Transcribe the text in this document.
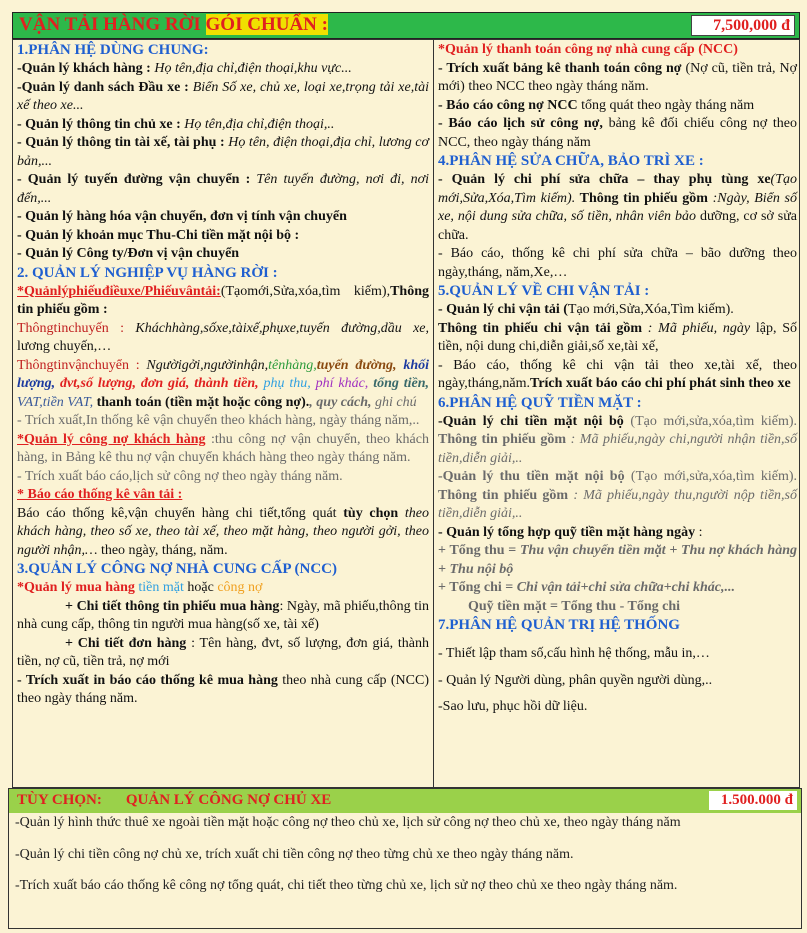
VẬN TẢI HÀNG RỜI GÓI CHUẨN :	7,500,000 đ
1.PHÂN HỆ DÙNG CHUNG:
-Quản lý khách hàng : Họ tên,địa chỉ,điện thoại,khu vực...
-Quản lý danh sách Đầu xe : Biển Số xe, chủ xe, loại xe,trọng tải xe,tài xế theo xe...
- Quản lý thông tin chủ xe : Họ tên,địa chỉ,điện thoại,..
- Quản lý thông tin tài xế, tài phụ : Họ tên, điện thoại,địa chỉ, lương cơ bản,...
- Quản lý tuyến đường vận chuyển : Tên tuyến đường, nơi đi, nơi đến,...
- Quản lý hàng hóa vận chuyển, đơn vị tính vận chuyển
- Quản lý khoản mục Thu-Chi tiền mặt nội bộ :
- Quản lý Công ty/Đơn vị vận chuyển
2. QUẢN LÝ NGHIỆP VỤ HÀNG RỜI :
*Quảnlýphiếuđiềuxe/Phiếuvântải:(Tạomới,Sửa,xóa,tìm kiếm),Thông tin phiếu gồm :
Thôngtinchuyến : Kháchhàng,sốxe,tàixế,phụxe,tuyến đường,dầu xe, lương chuyến,…
Thôngtinvậnchuyển : Ngườigởi,ngườinhận,tênhàng,tuyến đường, khối lượng, đvt,số lượng, đơn giá, thành tiền, phụ thu, phí khác, tổng tiền, VAT,tiền VAT, thanh toán (tiền mặt hoặc công nợ)., quy cách, ghi chú
- Trích xuất,In thống kê vận chuyển theo khách hàng, ngày tháng năm,..
*Quản lý công nợ khách hàng :thu công nợ vận chuyển, theo khách hàng, in Bảng kê thu nợ vận chuyển khách hàng theo ngày tháng năm.
- Trích xuất báo cáo,lịch sử công nợ theo ngày tháng năm.
* Báo cáo thống kê vân tải :
Báo cáo thống kê,vận chuyển hàng chi tiết,tổng quát tùy chọn theo khách hàng, theo số xe, theo tài xế, theo mặt hàng, theo người gởi, theo người nhận,… theo ngày, tháng, năm.
3.QUẢN LÝ CÔNG NỢ NHÀ CUNG CẤP (NCC)
*Quản lý mua hàng tiền mặt hoặc công nợ
+ Chi tiết thông tin phiếu mua hàng: Ngày, mã phiếu,thông tin nhà cung cấp, thông tin người mua hàng(số xe, tài xế)
+ Chi tiết đơn hàng : Tên hàng, đvt, số lượng, đơn giá, thành tiền, nợ cũ, tiền trả, nợ mới
- Trích xuất in báo cáo thống kê mua hàng theo nhà cung cấp (NCC) theo ngày tháng năm.
*Quản lý thanh toán công nợ nhà cung cấp (NCC)
- Trích xuất bảng kê thanh toán công nợ (Nợ cũ, tiền trả, Nợ mới) theo NCC theo ngày tháng năm.
- Báo cáo công nợ NCC tổng quát theo ngày tháng năm
- Báo cáo lịch sử công nợ, bảng kê đối chiếu công nợ theo NCC, theo ngày tháng năm
4.PHÂN HỆ SỬA CHỮA, BẢO TRÌ XE :
- Quản lý chi phí sửa chữa – thay phụ tùng xe(Tạo mới,Sửa,Xóa,Tìm kiếm). Thông tin phiếu gồm :Ngày, Biển số xe, nội dung sửa chữa, số tiền, nhân viên bảo dưỡng, cơ sở sửa chữa.
- Báo cáo, thống kê chi phí sửa chữa – bão dưỡng theo ngày,tháng, năm,Xe,…
5.QUẢN LÝ VỀ CHI VẬN TẢI :
- Quản lý chi vận tải (Tạo mới,Sửa,Xóa,Tìm kiếm).
Thông tin phiếu chi vận tải gồm : Mã phiếu, ngày lập, Số tiền, nội dung chi,diễn giải,số xe,tài xế,
- Báo cáo, thống kê chi vận tải theo xe,tài xế, theo ngày,tháng,năm.Trích xuất báo cáo chi phí phát sinh theo xe
6.PHÂN HỆ QUỸ TIỀN MẶT :
-Quản lý chi tiền mặt nội bộ (Tạo mới,sửa,xóa,tìm kiếm). Thông tin phiếu gồm : Mã phiếu,ngày chi,người nhận tiền,số tiền,diễn giải,..
-Quản lý thu tiền mặt nội bộ (Tạo mới,sửa,xóa,tìm kiếm). Thông tin phiếu gồm : Mã phiếu,ngày thu,người nộp tiền,số tiền,diễn giải,..
- Quản lý tổng hợp quỹ tiền mặt hàng ngày :
+ Tổng thu = Thu vận chuyển tiền mặt + Thu nợ khách hàng + Thu nội bộ
+ Tổng chi = Chi vận tải+chi sửa chữa+chi khác,...
Quỹ tiền mặt = Tổng thu - Tổng chi
7.PHÂN HỆ QUẢN TRỊ HỆ THỐNG
- Thiết lập tham số,cấu hình hệ thống, mẫu in,…
- Quản lý Người dùng, phân quyền người dùng,..
-Sao lưu, phục hồi dữ liệu.
TÙY CHỌN: QUẢN LÝ CÔNG NỢ CHỦ XE	1.500.000 đ
-Quản lý hình thức thuê xe ngoài tiền mặt hoặc công nợ theo chủ xe, lịch sử công nợ theo chủ xe, theo ngày tháng năm
-Quản lý chi tiền công nợ chủ xe, trích xuất chi tiền công nợ theo từng chủ xe theo ngày tháng năm.
-Trích xuất báo cáo thống kê công nợ tổng quát, chi tiết theo từng chủ xe, lịch sử nợ theo chủ xe theo ngày tháng năm.
